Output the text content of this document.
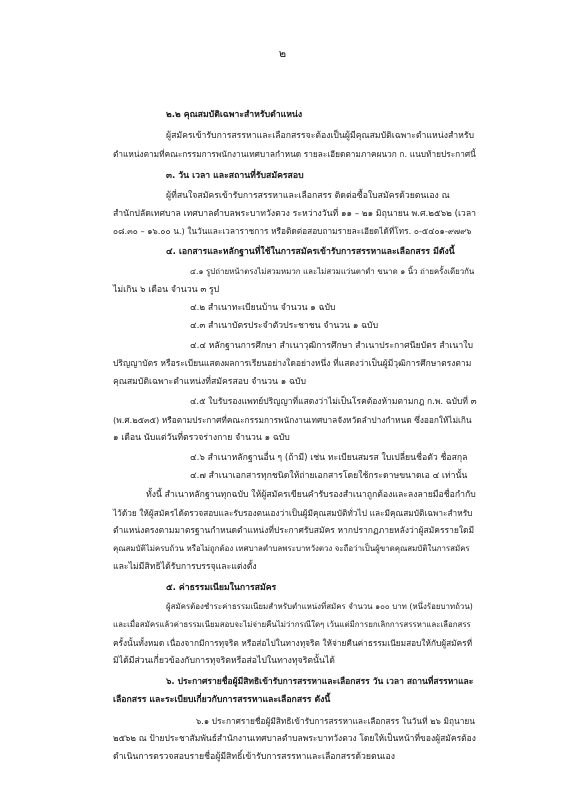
๒
๒.๒ คุณสมบัติเฉพาะสำหรับตำแหน่ง
ผู้สมัครเข้ารับการสรรหาและเลือกสรรจะต้องเป็นผู้มีคุณสมบัติเฉพาะตำแหน่งสำหรับ
ตำแหน่งตามที่คณะกรรมการพนักงานเทศบาลกำหนด รายละเอียดตามภาคผนวก ก. แนบท้ายประกาศนี้
๓. วัน เวลา และสถานที่รับสมัครสอบ
ผู้ที่สนใจสมัครเข้ารับการสรรหาและเลือกสรร ติดต่อซื้อใบสมัครด้วยตนเอง ณ
สำนักปลัดเทศบาล เทศบาลตำบลพระบาทวังตวง ระหว่างวันที่ ๑๑ – ๒๑ มิถุนายน พ.ศ.๒๕๖๒ (เวลา
๐๘.๓๐ – ๑๖.๐๐ น.) ในวันและเวลาราชการ หรือติดต่อสอบถามรายละเอียดได้ที่โทร. ๐-๕๔๐๑-๙๗๙๖
๔. เอกสารและหลักฐานที่ใช้ในการสมัครเข้ารับการสรรหาและเลือกสรร มีดังนี้
๔.๑ รูปถ่ายหน้าตรงไม่สวมหมวก และไม่สวมแว่นตาดำ ขนาด ๑ นิ้ว ถ่ายครั้งเดียวกัน
ไม่เกิน ๖ เดือน จำนวน ๓ รูป
๔.๒ สำเนาทะเบียนบ้าน จำนวน ๑ ฉบับ
๔.๓ สำเนาบัตรประจำตัวประชาชน จำนวน ๑ ฉบับ
๔.๔ หลักฐานการศึกษา สำเนาวุฒิการศึกษา สำเนาประกาศนียบัตร สำเนาใบ
ปริญญาบัตร หรือระเบียนแสดงผลการเรียนอย่างใดอย่างหนึ่ง ที่แสดงว่าเป็นผู้มีวุฒิการศึกษาตรงตาม
คุณสมบัติเฉพาะตำแหน่งที่สมัครสอบ จำนวน ๑ ฉบับ
๔.๕ ใบรับรองแพทย์ปริญญาที่แสดงว่าไม่เป็นโรคต้องห้ามตามกฎ ก.พ. ฉบับที่ ๓
(พ.ศ.๒๕๓๕) หรือตามประกาศที่คณะกรรมการพนักงานเทศบาลจังหวัดลำปางกำหนด ซึ่งออกให้ไม่เกิน
๑ เดือน นับแต่วันที่ตรวจร่างกาย จำนวน ๑ ฉบับ
๔.๖ สำเนาหลักฐานอื่น ๆ (ถ้ามี) เช่น ทะเบียนสมรส ใบเปลี่ยนชื่อตัว ชื่อสกุล
๔.๗ สำเนาเอกสารทุกชนิดให้ถ่ายเอกสารโดยใช้กระดาษขนาดเอ ๔ เท่านั้น
ทั้งนี้ สำเนาหลักฐานทุกฉบับ ให้ผู้สมัครเขียนคำรับรองสำเนาถูกต้องและลงลายมือชื่อกำกับ
ไว้ด้วย ให้ผู้สมัครได้ตรวจสอบและรับรองตนเองว่าเป็นผู้มีคุณสมบัติทั่วไป และมีคุณสมบัติเฉพาะสำหรับ
ตำแหน่งตรงตามมาตรฐานกำหนดตำแหน่งที่ประกาศรับสมัคร หากปรากฏภายหลังว่าผู้สมัครรายใดมี
คุณสมบัติไม่ครบถ้วน หรือไม่ถูกต้อง เทศบาลตำบลพระบาทวังตวง จะถือว่าเป็นผู้ขาดคุณสมบัติในการสมัคร
และไม่มีสิทธิได้รับการบรรจุและแต่งตั้ง
๕. ค่าธรรมเนียมในการสมัคร
ผู้สมัครต้องชำระค่าธรรมเนียมสำหรับตำแหน่งที่สมัคร จำนวน ๑๐๐ บาท (หนึ่งร้อยบาทถ้วน)
และเมื่อสมัครแล้วค่าธรรมเนียมสอบจะไม่จ่ายคืนไม่ว่ากรณีใดๆ เว้นแต่มีการยกเลิกการสรรหาและเลือกสรร
ครั้งนั้นทั้งหมด เนื่องจากมีการทุจริต หรือส่อไปในทางทุจริต ให้จ่ายคืนค่าธรรมเนียมสอบให้กับผู้สมัครที่
มิได้มีส่วนเกี่ยวข้องกับการทุจริตหรือส่อไปในทางทุจริตนั้นได้
๖. ประกาศรายชื่อผู้มีสิทธิเข้ารับการสรรหาและเลือกสรร วัน เวลา สถานที่สรรหาและ
เลือกสรร และระเบียบเกี่ยวกับการสรรหาและเลือกสรร ดังนี้
๖.๑ ประกาศรายชื่อผู้มีสิทธิเข้ารับการสรรหาและเลือกสรร ในวันที่ ๒๖ มิถุนายน
๒๕๖๒ ณ ป้ายประชาสัมพันธ์สำนักงานเทศบาลตำบลพระบาทวังตวง โดยให้เป็นหน้าที่ของผู้สมัครต้อง
ดำเนินการตรวจสอบรายชื่อผู้มีสิทธิ์เข้ารับการสรรหาและเลือกสรรด้วยตนเอง
